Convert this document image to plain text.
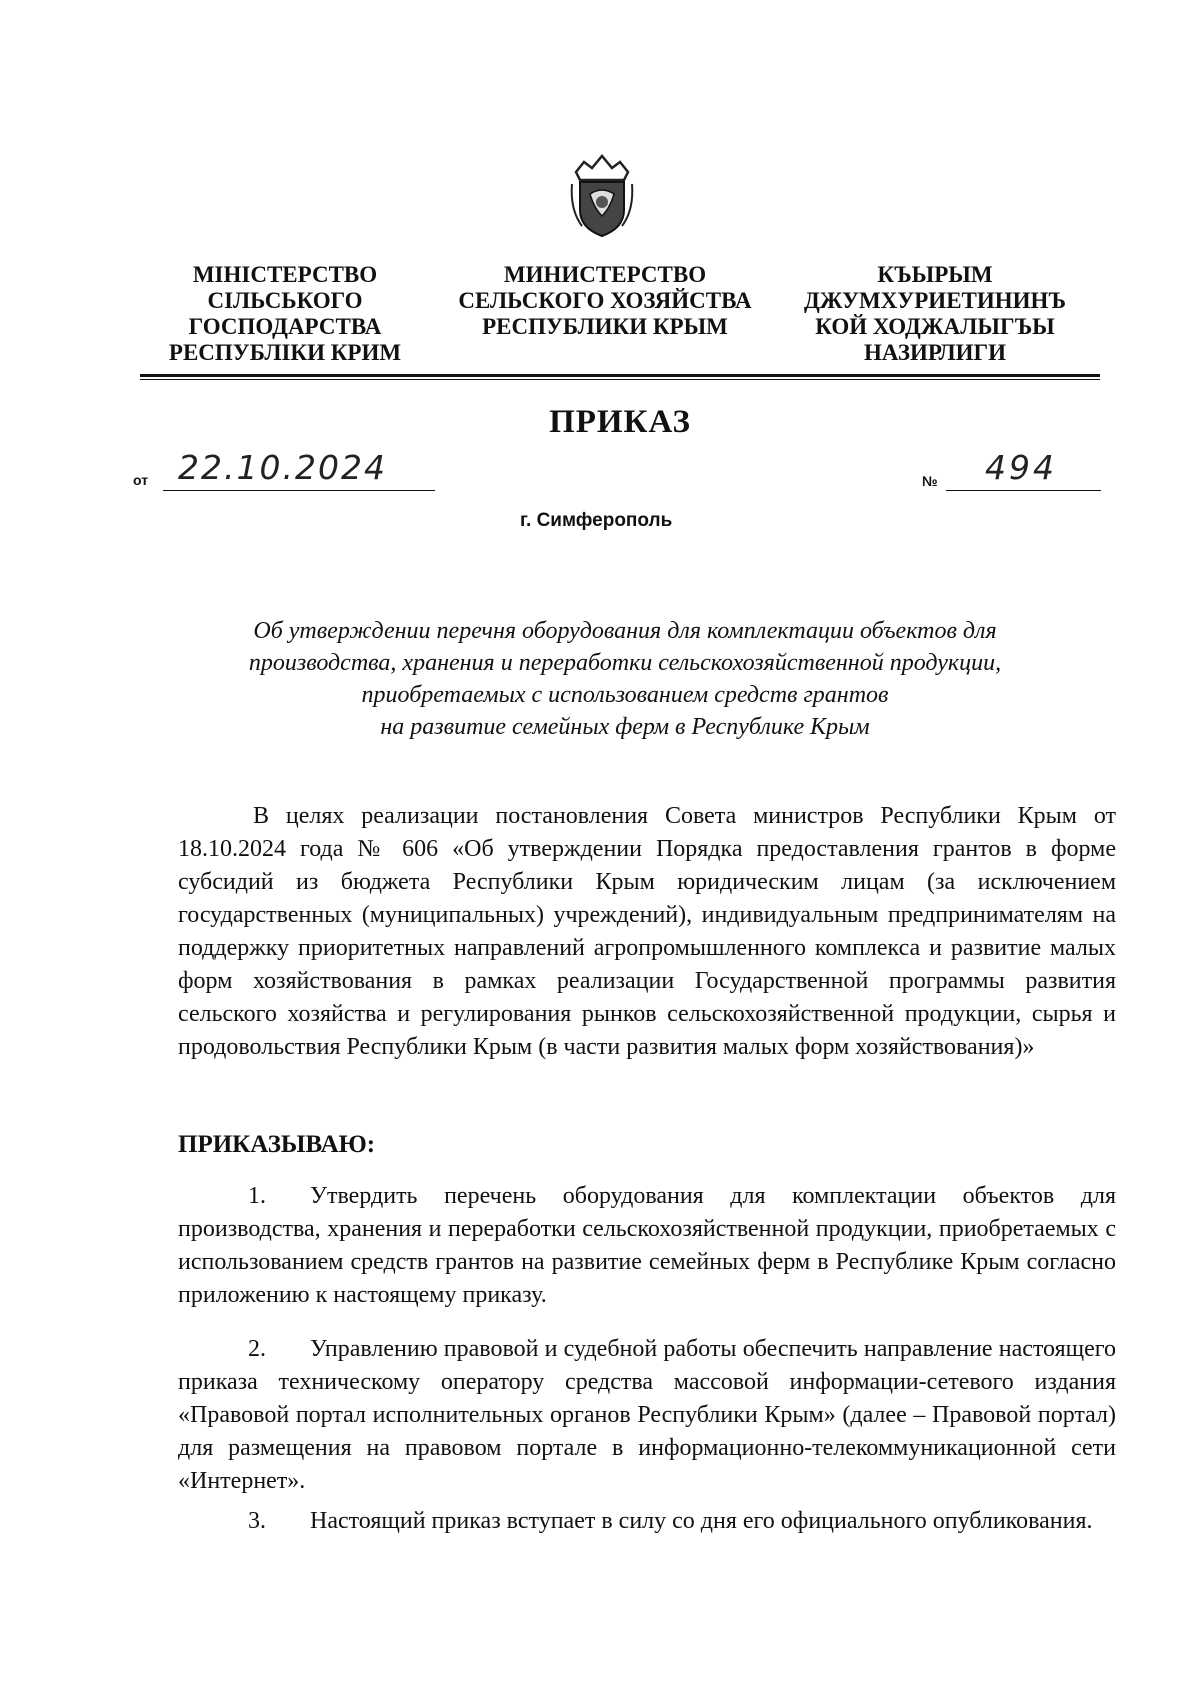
МІНІСТЕРСТВО
СІЛЬСЬКОГО
ГОСПОДАРСТВА
РЕСПУБЛІКИ КРИМ
МИНИСТЕРСТВО
СЕЛЬСКОГО ХОЗЯЙСТВА
РЕСПУБЛИКИ КРЫМ
КЪЫРЫМ
ДЖУМХУРИЕТИНИНЪ
КОЙ ХОДЖАЛЫГЪЫ
НАЗИРЛИГИ
ПРИКАЗ
от 22.10.2024	№ 494
г. Симферополь
Об утверждении перечня оборудования для комплектации объектов для
производства, хранения и переработки сельскохозяйственной продукции,
приобретаемых с использованием средств грантов
на развитие семейных ферм в Республике Крым
В целях реализации постановления Совета министров Республики Крым от 18.10.2024 года № 606 «Об утверждении Порядка предоставления грантов в форме субсидий из бюджета Республики Крым юридическим лицам (за исключением государственных (муниципальных) учреждений), индивидуальным предпринимателям на поддержку приоритетных направлений агропромышленного комплекса и развитие малых форм хозяйствования в рамках реализации Государственной программы развития сельского хозяйства и регулирования рынков сельскохозяйственной продукции, сырья и продовольствия Республики Крым (в части развития малых форм хозяйствования)»
ПРИКАЗЫВАЮ:
1. Утвердить перечень оборудования для комплектации объектов для производства, хранения и переработки сельскохозяйственной продукции, приобретаемых с использованием средств грантов на развитие семейных ферм в Республике Крым согласно приложению к настоящему приказу.
2. Управлению правовой и судебной работы обеспечить направление настоящего приказа техническому оператору средства массовой информации-сетевого издания «Правовой портал исполнительных органов Республики Крым» (далее – Правовой портал) для размещения на правовом портале в информационно-телекоммуникационной сети «Интернет».
3. Настоящий приказ вступает в силу со дня его официального опубликования.
